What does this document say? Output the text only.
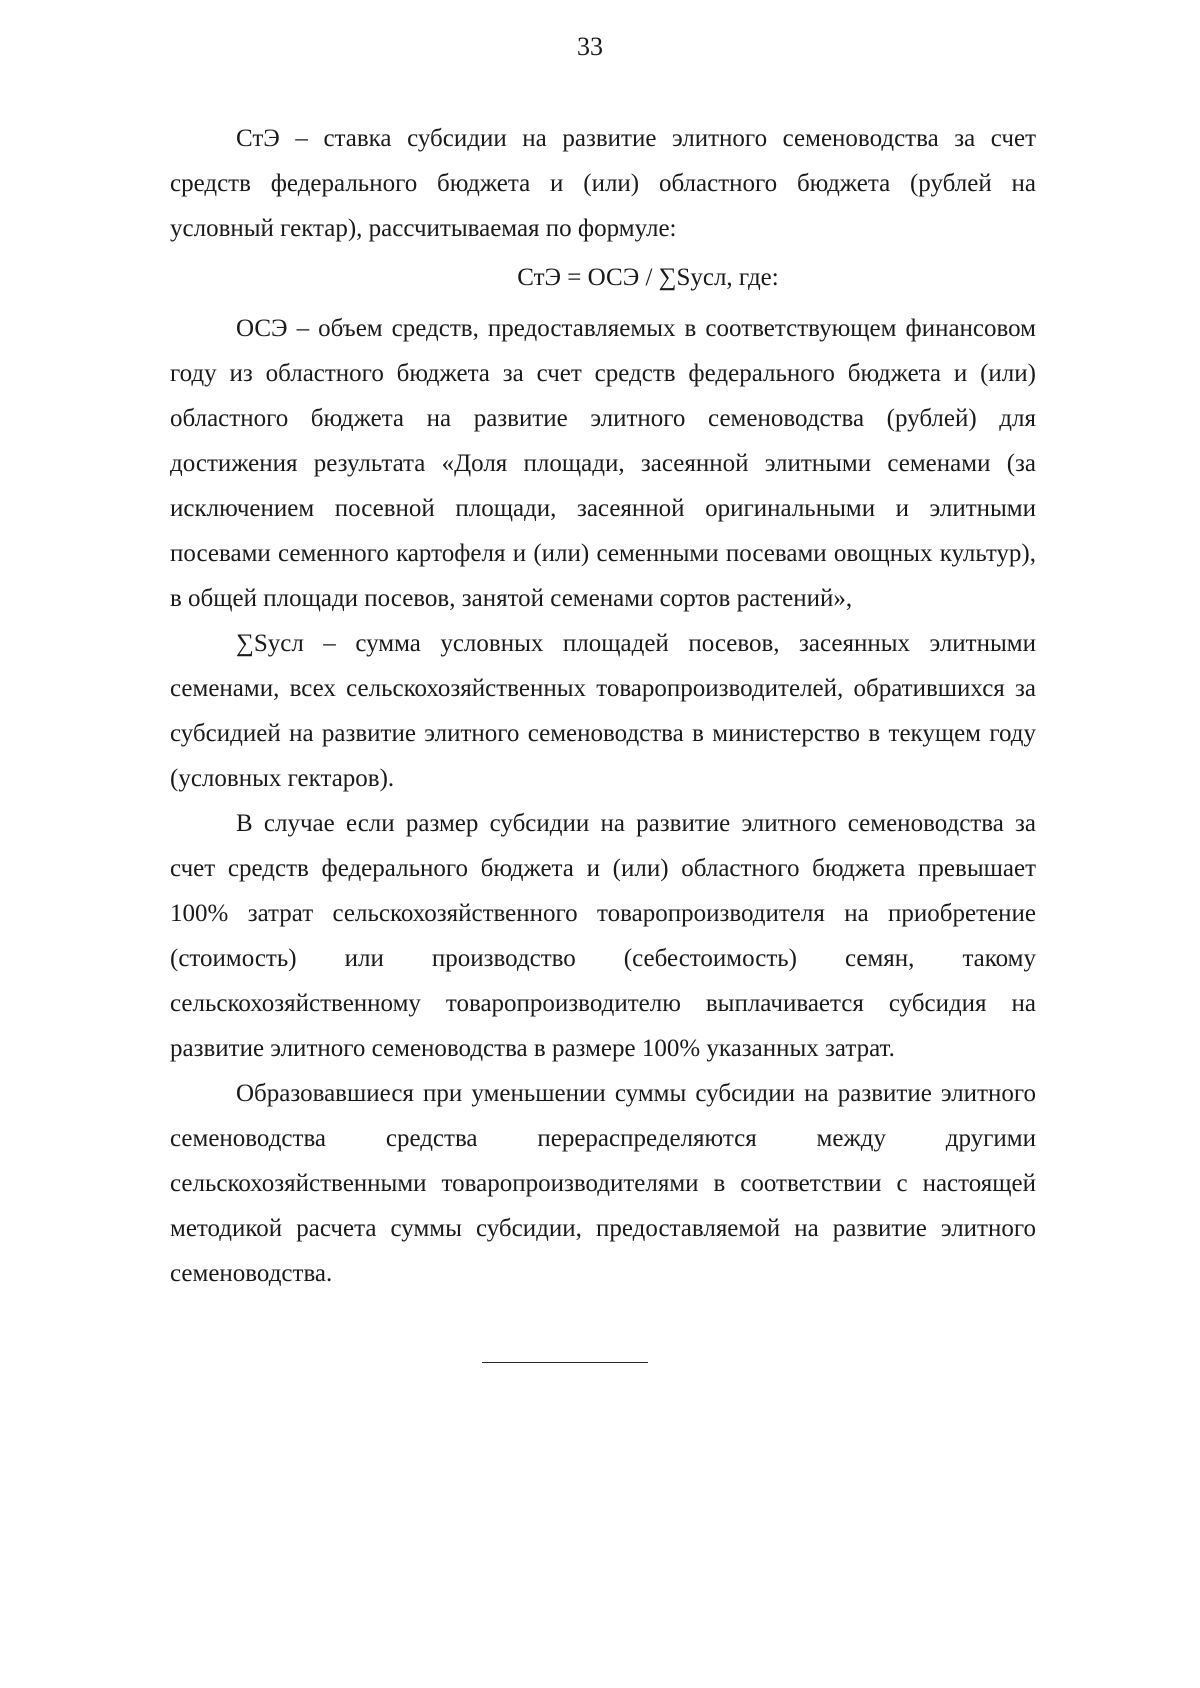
33

СтЭ – ставка субсидии на развитие элитного семеноводства за счет средств федерального бюджета и (или) областного бюджета (рублей на условный гектар), рассчитываемая по формуле:

СтЭ = ОСЭ / ∑Sусл, где:

ОСЭ – объем средств, предоставляемых в соответствующем финансовом году из областного бюджета за счет средств федерального бюджета и (или) областного бюджета на развитие элитного семеноводства (рублей) для достижения результата «Доля площади, засеянной элитными семенами (за исключением посевной площади, засеянной оригинальными и элитными посевами семенного картофеля и (или) семенными посевами овощных культур), в общей площади посевов, занятой семенами сортов растений»,

∑Sусл – сумма условных площадей посевов, засеянных элитными семенами, всех сельскохозяйственных товаропроизводителей, обратившихся за субсидией на развитие элитного семеноводства в министерство в текущем году (условных гектаров).

В случае если размер субсидии на развитие элитного семеноводства за счет средств федерального бюджета и (или) областного бюджета превышает 100% затрат сельскохозяйственного товаропроизводителя на приобретение (стоимость) или производство (себестоимость) семян, такому сельскохозяйственному товаропроизводителю выплачивается субсидия на развитие элитного семеноводства в размере 100% указанных затрат.

Образовавшиеся при уменьшении суммы субсидии на развитие элитного семеноводства средства перераспределяются между другими сельскохозяйственными товаропроизводителями в соответствии с настоящей методикой расчета суммы субсидии, предоставляемой на развитие элитного семеноводства.
